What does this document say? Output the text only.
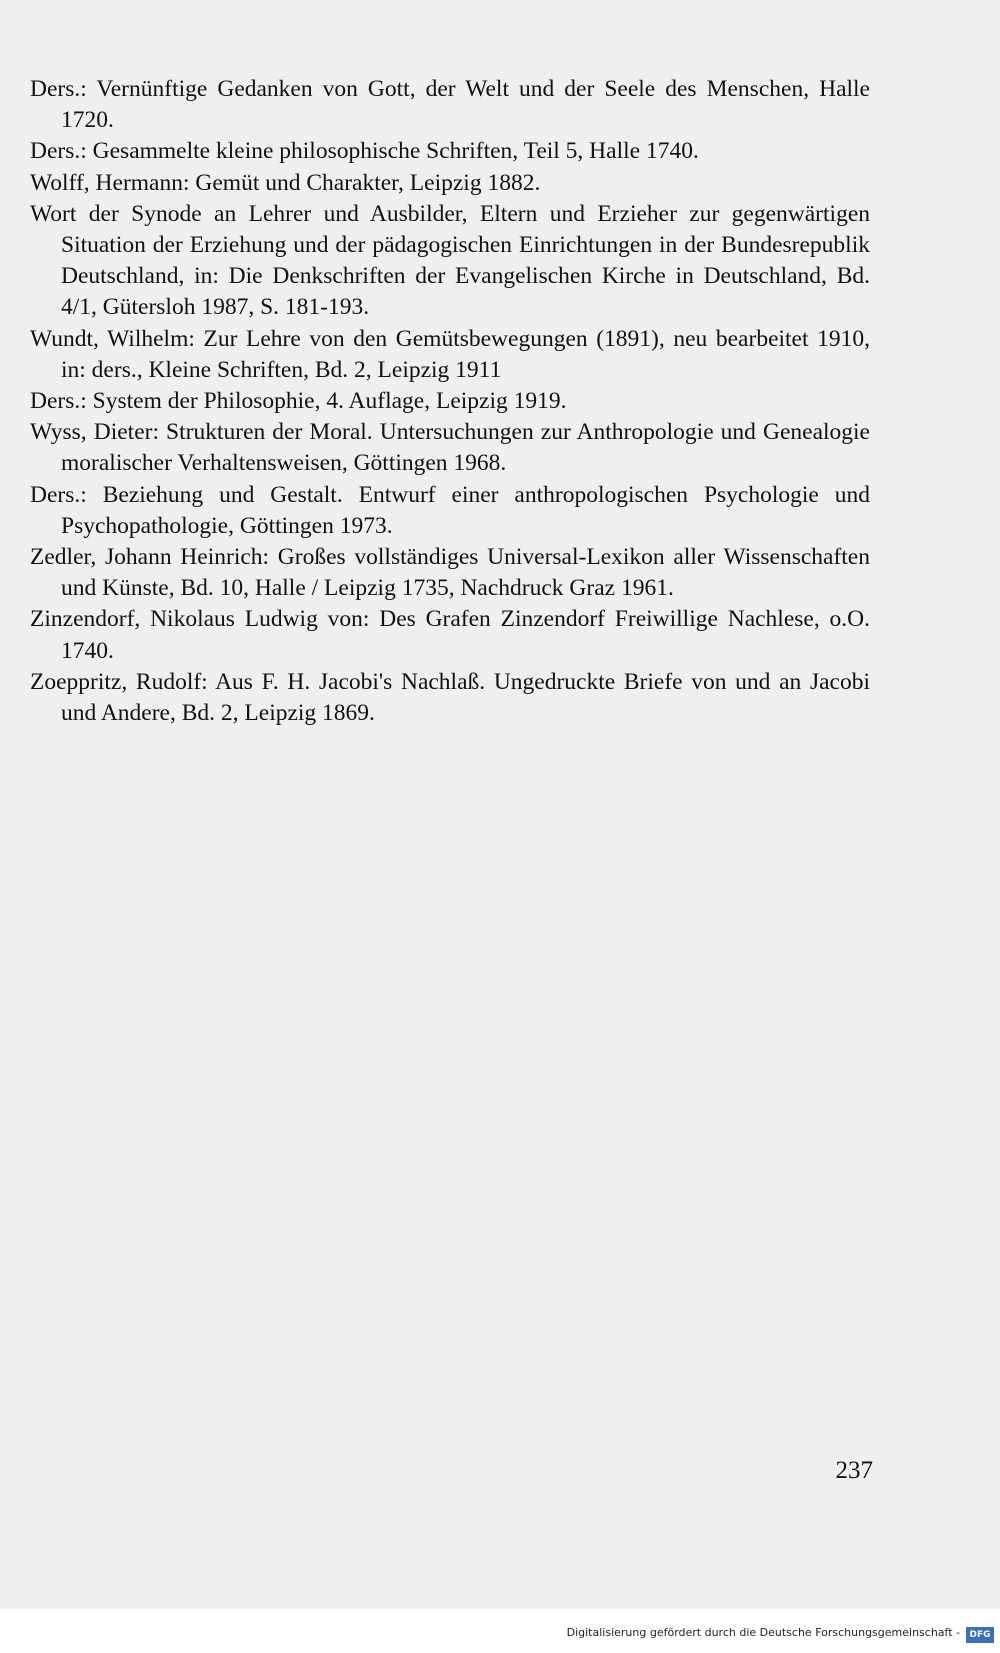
Ders.: Vernünftige Gedanken von Gott, der Welt und der Seele des Menschen, Halle 1720.
Ders.: Gesammelte kleine philosophische Schriften, Teil 5, Halle 1740.
Wolff, Hermann: Gemüt und Charakter, Leipzig 1882.
Wort der Synode an Lehrer und Ausbilder, Eltern und Erzieher zur gegenwärtigen Situation der Erziehung und der pädagogischen Einrichtungen in der Bundesrepublik Deutschland, in: Die Denkschriften der Evangelischen Kirche in Deutschland, Bd. 4/1, Gütersloh 1987, S. 181-193.
Wundt, Wilhelm: Zur Lehre von den Gemütsbewegungen (1891), neu bearbeitet 1910, in: ders., Kleine Schriften, Bd. 2, Leipzig 1911
Ders.: System der Philosophie, 4. Auflage, Leipzig 1919.
Wyss, Dieter: Strukturen der Moral. Untersuchungen zur Anthropologie und Genealogie moralischer Verhaltensweisen, Göttingen 1968.
Ders.: Beziehung und Gestalt. Entwurf einer anthropologischen Psychologie und Psychopathologie, Göttingen 1973.
Zedler, Johann Heinrich: Großes vollständiges Universal-Lexikon aller Wissenschaften und Künste, Bd. 10, Halle / Leipzig 1735, Nachdruck Graz 1961.
Zinzendorf, Nikolaus Ludwig von: Des Grafen Zinzendorf Freiwillige Nachlese, o.O. 1740.
Zoeppritz, Rudolf: Aus F. H. Jacobi's Nachlaß. Ungedruckte Briefe von und an Jacobi und Andere, Bd. 2, Leipzig 1869.
237
Digitalisierung gefördert durch die Deutsche Forschungsgemeinschaft -	DFG
